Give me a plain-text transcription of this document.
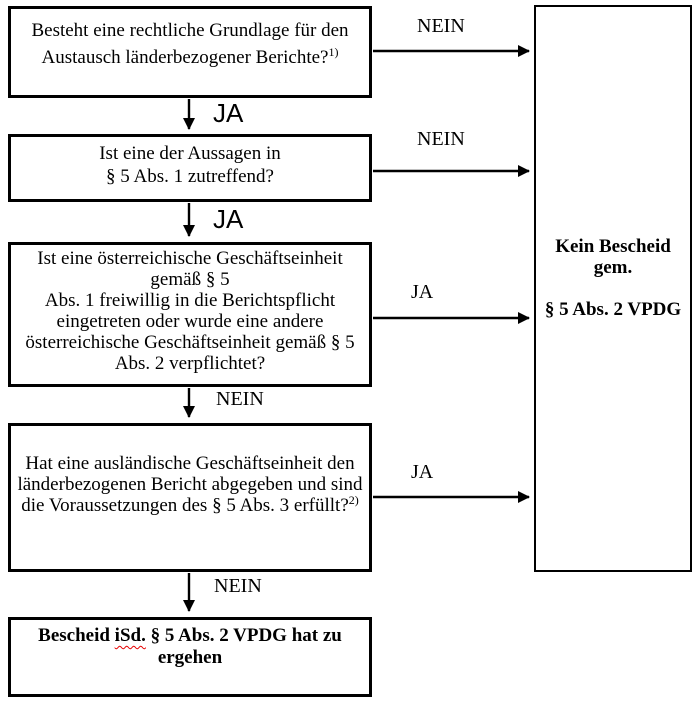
Besteht eine rechtliche Grundlage für den
Austausch länderbezogener Berichte?$^{1)}$
Ist eine der Aussagen in
§ 5 Abs. 1 zutreffend?
Ist eine österreichische Geschäftseinheit
gemäß § 5
Abs. 1 freiwillig in die Berichtspflicht
eingetreten oder wurde eine andere
österreichische Geschäftseinheit gemäß § 5
Abs. 2 verpflichtet?
Hat eine ausländische Geschäftseinheit den
länderbezogenen Bericht abgegeben und sind
die Voraussetzungen des § 5 Abs. 3 erfüllt?$^{2)}$
Bescheid iSd. § 5 Abs. 2 VPDG hat zu
ergehen
Kein Bescheid
gem.
§ 5 Abs. 2 VPDG
NEIN
NEIN
JA
JA
JA
JA
NEIN
NEIN
